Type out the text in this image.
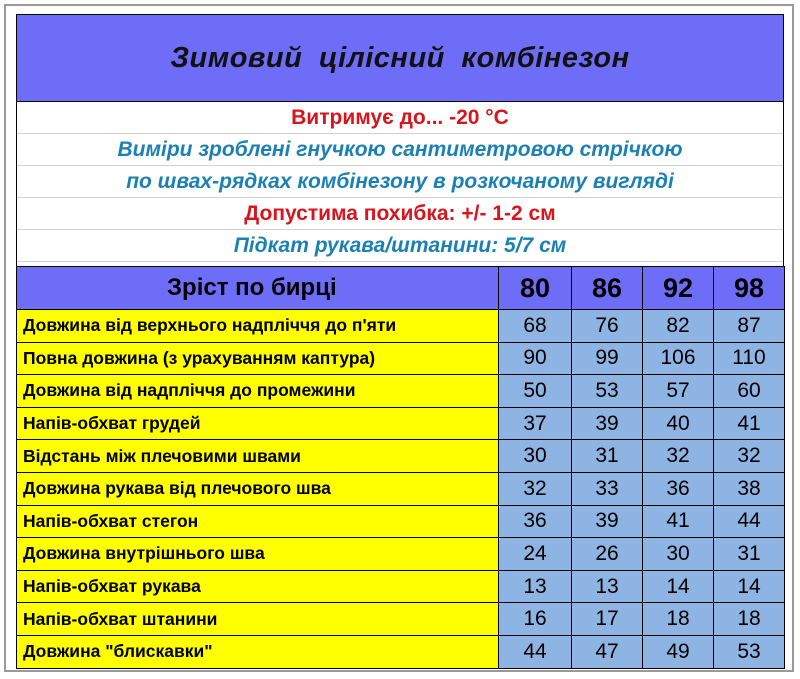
Зимовий цілісний комбінезон
Витримує до... -20 °C
Виміри зроблені гнучкою сантиметровою стрічкою
по швах-рядках комбінезону в розкочаному вигляді
Допустима похибка: +/- 1-2 см
Підкат рукава/штанини: 5/7 см
Зріст по бирці	80	86	92	98
Довжина від верхнього надпліччя до п'яти	68	76	82	87
Повна довжина (з урахуванням каптура)	90	99	106	110
Довжина від надпліччя до промежини	50	53	57	60
Напів-обхват грудей	37	39	40	41
Відстань між плечовими швами	30	31	32	32
Довжина рукава від плечового шва	32	33	36	38
Напів-обхват стегон	36	39	41	44
Довжина внутрішнього шва	24	26	30	31
Напів-обхват рукава	13	13	14	14
Напів-обхват штанини	16	17	18	18
Довжина "блискавки"	44	47	49	53
